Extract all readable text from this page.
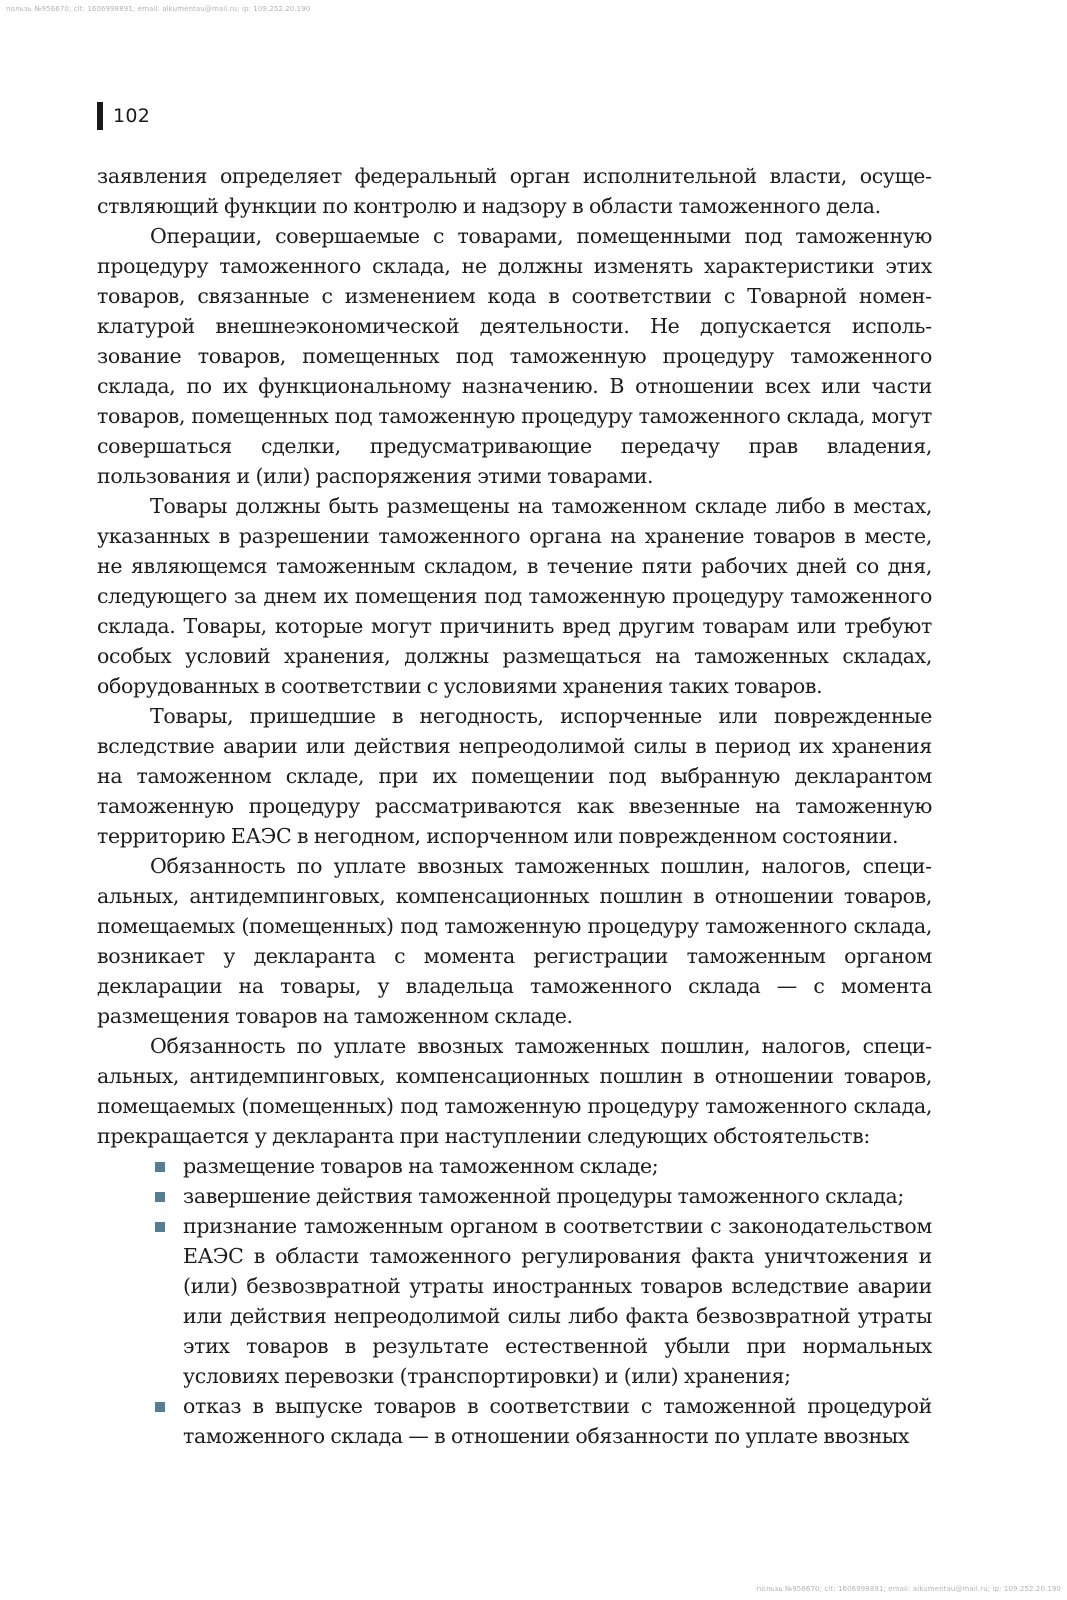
пользь №956670; clt: 1606998891; email: alkumentau@mail.ru; ip: 109.252.20.190
102

заявления определяет федеральный орган исполнительной власти, осуществляющий функции по контролю и надзору в области таможенного дела.

Операции, совершаемые с товарами, помещенными под таможенную процедуру таможенного склада, не должны изменять характеристики этих товаров, связанные с изменением кода в соответствии с Товарной номенклатурой внешнеэкономической деятельности. Не допускается использование товаров, помещенных под таможенную процедуру таможенного склада, по их функциональному назначению. В отношении всех или части товаров, помещенных под таможенную процедуру таможенного склада, могут совершаться сделки, предусматривающие передачу прав владения, пользования и (или) распоряжения этими товарами.

Товары должны быть размещены на таможенном складе либо в местах, указанных в разрешении таможенного органа на хранение товаров в месте, не являющемся таможенным складом, в течение пяти рабочих дней со дня, следующего за днем их помещения под таможенную процедуру таможенного склада. Товары, которые могут причинить вред другим товарам или требуют особых условий хранения, должны размещаться на таможенных складах, оборудованных в соответствии с условиями хранения таких товаров.

Товары, пришедшие в негодность, испорченные или поврежденные вследствие аварии или действия непреодолимой силы в период их хранения на таможенном складе, при их помещении под выбранную декларантом таможенную процедуру рассматриваются как ввезенные на таможенную территорию ЕАЭС в негодном, испорченном или поврежденном состоянии.

Обязанность по уплате ввозных таможенных пошлин, налогов, специальных, антидемпинговых, компенсационных пошлин в отношении товаров, помещаемых (помещенных) под таможенную процедуру таможенного склада, возникает у декларанта с момента регистрации таможенным органом декларации на товары, у владельца таможенного склада — с момента размещения товаров на таможенном складе.

Обязанность по уплате ввозных таможенных пошлин, налогов, специальных, антидемпинговых, компенсационных пошлин в отношении товаров, помещаемых (помещенных) под таможенную процедуру таможенного склада, прекращается у декларанта при наступлении следующих обстоятельств:

размещение товаров на таможенном складе;
завершение действия таможенной процедуры таможенного склада;
признание таможенным органом в соответствии с законодательством ЕАЭС в области таможенного регулирования факта уничтожения и (или) безвозвратной утраты иностранных товаров вследствие аварии или действия непреодолимой силы либо факта безвозвратной утраты этих товаров в результате естественной убыли при нормальных условиях перевозки (транспортировки) и (или) хранения;
отказ в выпуске товаров в соответствии с таможенной процедурой таможенного склада — в отношении обязанности по уплате ввозных
пользь №956670; clt: 1606998891; email: alkumentau@mail.ru; ip: 109.252.20.190
